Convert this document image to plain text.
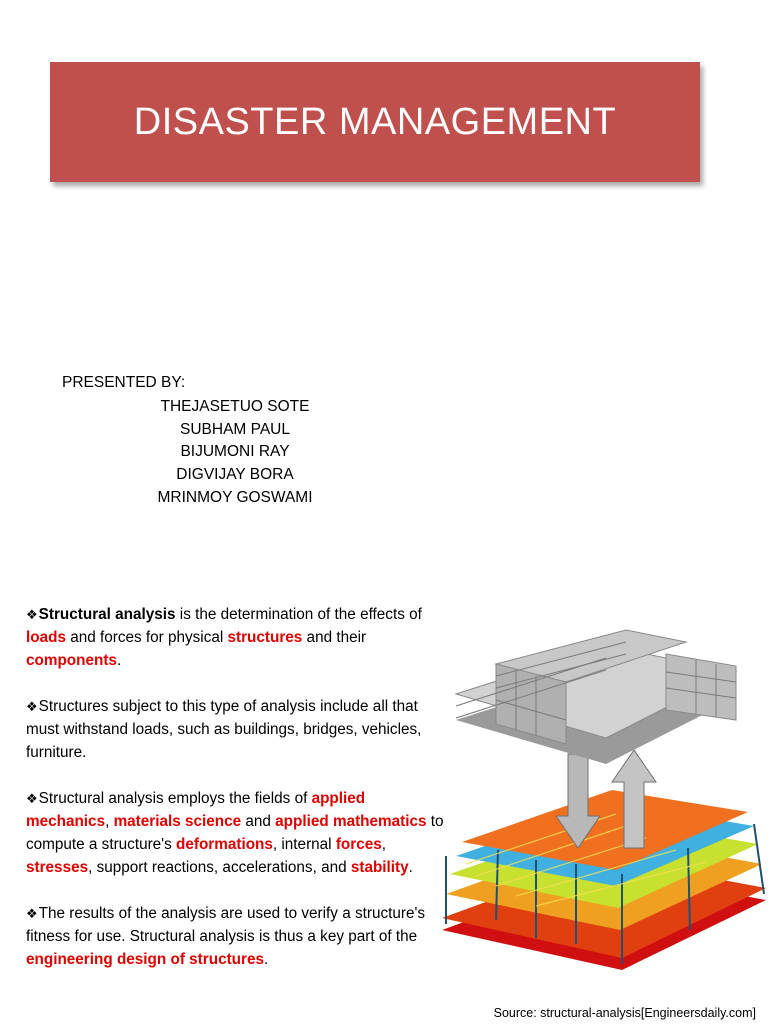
DISASTER MANAGEMENT
PRESENTED BY:
THEJASETUO SOTE
SUBHAM PAUL
BIJUMONI RAY
DIGVIJAY BORA
MRINMOY GOSWAMI

❖Structural analysis is the determination of the effects of loads and forces for physical structures and their components.

❖Structures subject to this type of analysis include all that must withstand loads, such as buildings, bridges, vehicles, furniture.

❖Structural analysis employs the fields of applied mechanics, materials science and applied mathematics to compute a structure's deformations, internal forces, stresses, support reactions, accelerations, and stability.

❖The results of the analysis are used to verify a structure's fitness for use. Structural analysis is thus a key part of the engineering design of structures.

Source: structural-analysis[Engineersdaily.com]
